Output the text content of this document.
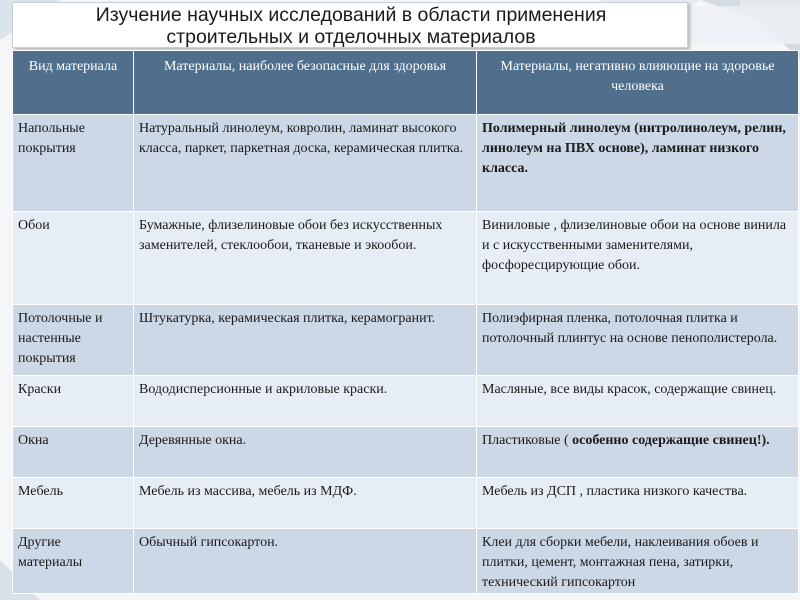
Изучение научных исследований в области применения
строительных и отделочных материалов
Вид материала	Материалы, наиболее безопасные для здоровья	Материалы, негативно влияющие на здоровье человека
Напольные покрытия	Натуральный линолеум, ковролин, ламинат высокого класса, паркет, паркетная доска, керамическая плитка.	Полимерный линолеум (нитролинолеум, релин, линолеум на ПВХ основе), ламинат низкого класса.
Обои	Бумажные, флизелиновые обои без искусственных заменителей, стеклообои, тканевые и экообои.	Виниловые , флизелиновые обои на основе винила и с искусственными заменителями, фосфоресцирующие обои.
Потолочные и настенные покрытия	Штукатурка, керамическая плитка, керамогранит.	Полиэфирная пленка, потолочная плитка и потолочный плинтус на основе пенополистерола.
Краски	Вододисперсионные и акриловые краски.	Масляные, все виды красок, содержащие свинец.
Окна	Деревянные окна.	Пластиковые ( особенно содержащие свинец!).
Мебель	Мебель из массива, мебель из МДФ.	Мебель из ДСП , пластика низкого качества.
Другие материалы	Обычный гипсокартон.	Клеи для сборки мебели, наклеивания обоев и плитки, цемент, монтажная пена, затирки, технический гипсокартон
